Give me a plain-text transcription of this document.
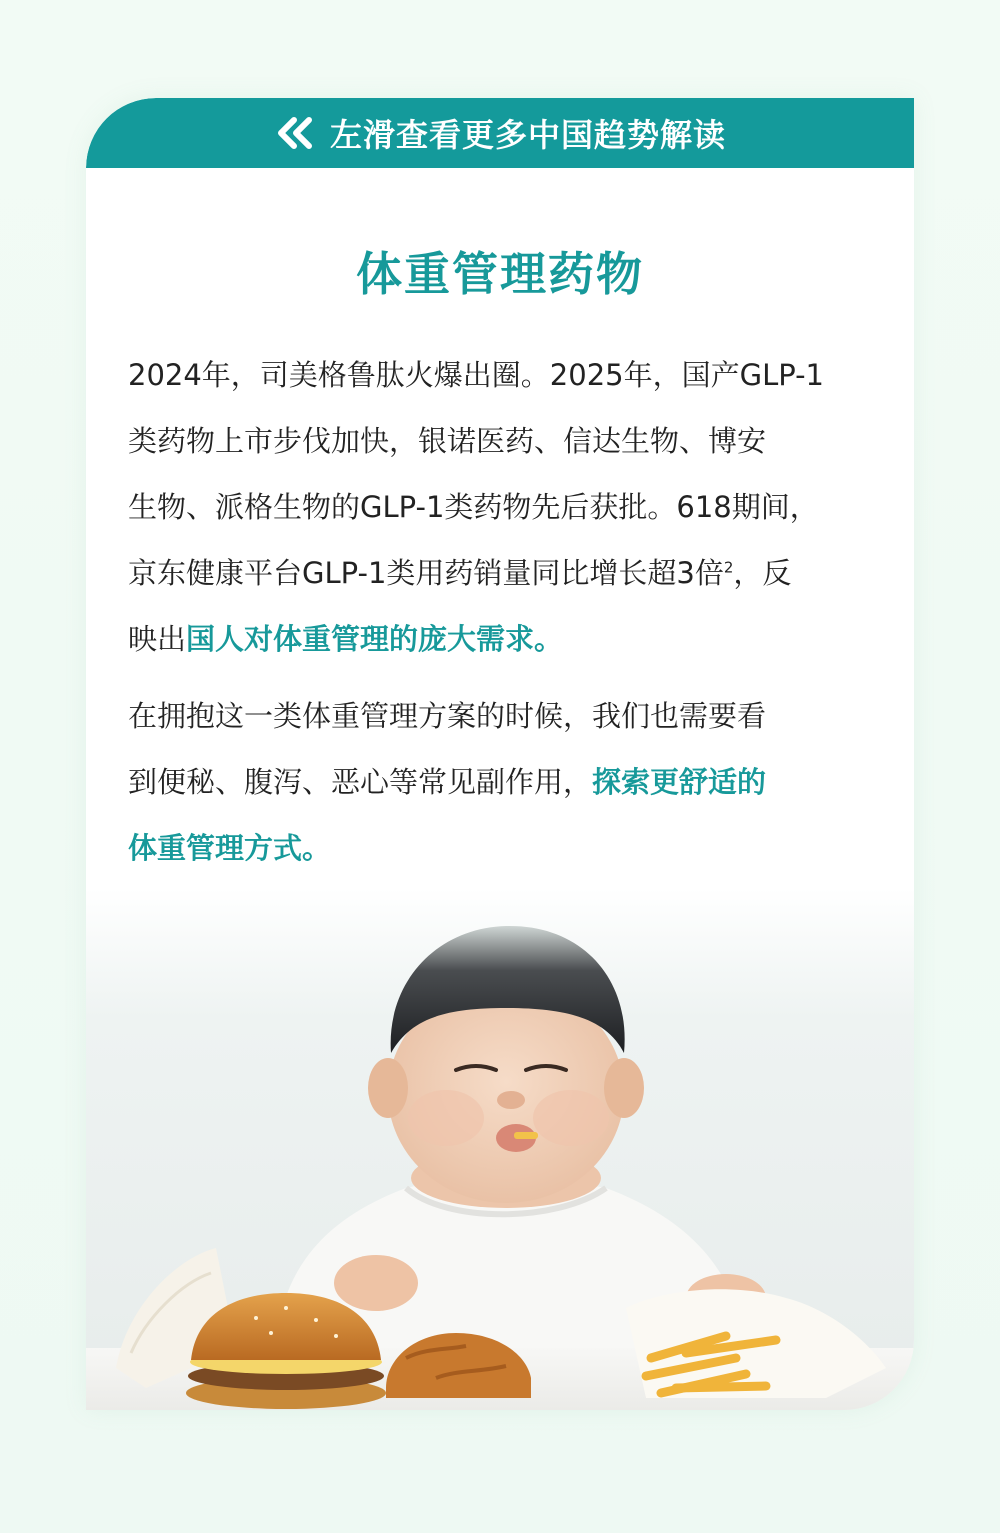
左滑查看更多中国趋势解读
体重管理药物

2024年，司美格鲁肽火爆出圈。2025年，国产GLP-1
类药物上市步伐加快，银诺医药、信达生物、博安
生物、派格生物的GLP-1类药物先后获批。618期间，
京东健康平台GLP-1类用药销量同比增长超3倍$^2$，反
映出国人对体重管理的庞大需求。

在拥抱这一类体重管理方案的时候，我们也需要看
到便秘、腹泻、恶心等常见副作用，探索更舒适的
体重管理方式。
